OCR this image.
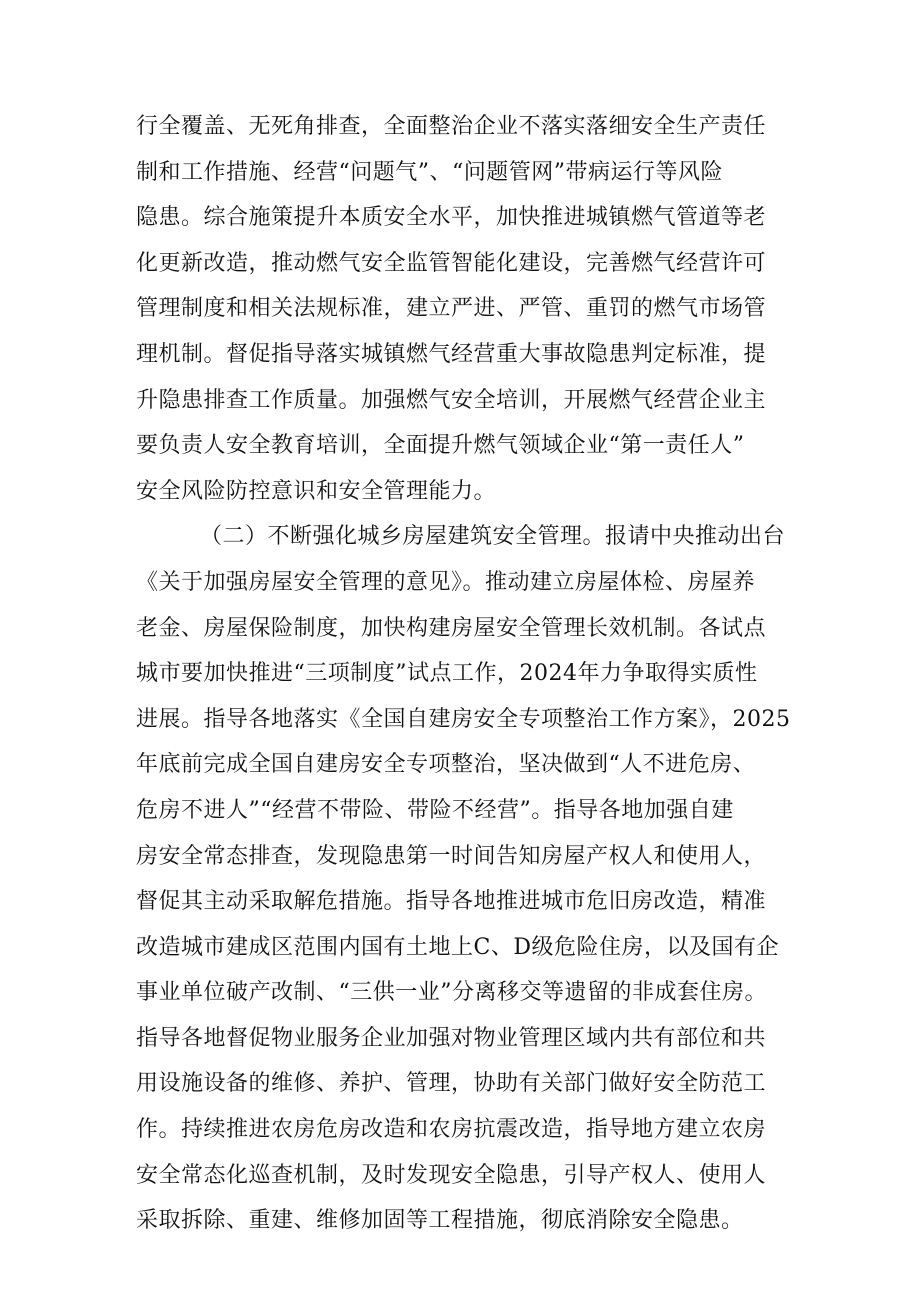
行全覆盖、无死角排查，全面整治企业不落实落细安全生产责任
制和工作措施、经营“问题气”、“问题管网”带病运行等风险
隐患。综合施策提升本质安全水平，加快推进城镇燃气管道等老
化更新改造，推动燃气安全监管智能化建设，完善燃气经营许可
管理制度和相关法规标准，建立严进、严管、重罚的燃气市场管
理机制。督促指导落实城镇燃气经营重大事故隐患判定标准，提
升隐患排查工作质量。加强燃气安全培训，开展燃气经营企业主
要负责人安全教育培训，全面提升燃气领域企业“第一责任人”
安全风险防控意识和安全管理能力。
（二）不断强化城乡房屋建筑安全管理。报请中央推动出台
《关于加强房屋安全管理的意见》。推动建立房屋体检、房屋养
老金、房屋保险制度，加快构建房屋安全管理长效机制。各试点
城市要加快推进“三项制度”试点工作，2024年力争取得实质性
进展。指导各地落实《全国自建房安全专项整治工作方案》，2025
年底前完成全国自建房安全专项整治，坚决做到“人不进危房、
危房不进人”“经营不带险、带险不经营”。指导各地加强自建
房安全常态排查，发现隐患第一时间告知房屋产权人和使用人，
督促其主动采取解危措施。指导各地推进城市危旧房改造，精准
改造城市建成区范围内国有土地上C、D级危险住房，以及国有企
事业单位破产改制、“三供一业”分离移交等遗留的非成套住房。
指导各地督促物业服务企业加强对物业管理区域内共有部位和共
用设施设备的维修、养护、管理，协助有关部门做好安全防范工
作。持续推进农房危房改造和农房抗震改造，指导地方建立农房
安全常态化巡查机制，及时发现安全隐患，引导产权人、使用人
采取拆除、重建、维修加固等工程措施，彻底消除安全隐患。
